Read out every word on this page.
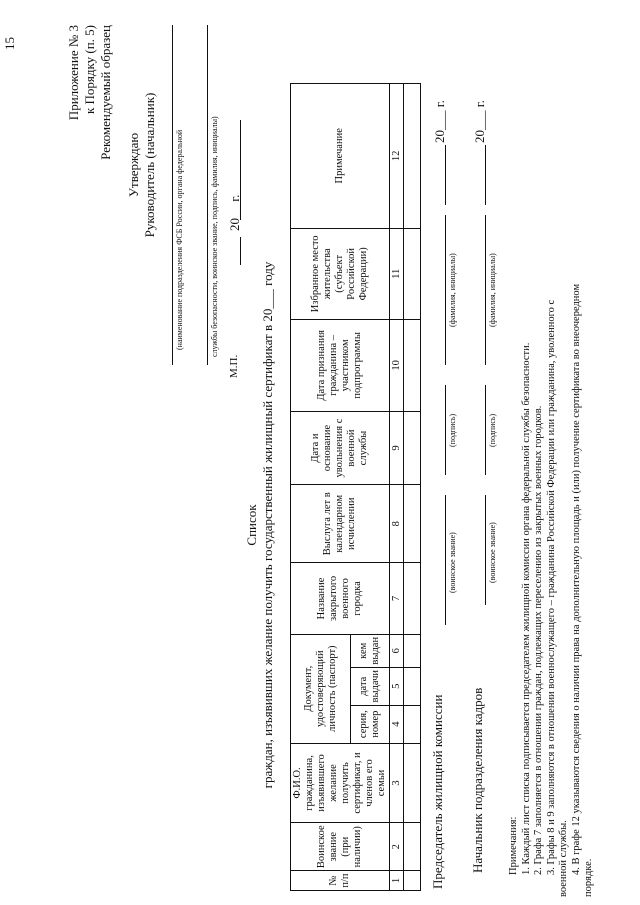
15	Приложение № 3 к Порядку (п. 5) Рекомендуемый образец
Утверждаю Руководитель (начальник) (наименование подразделения ФСБ России, органа федеральной	службы безопасности, воинское звание, подпись, фамилия, инициалы) 20__ г.
М.П.
Список граждан, изъявивших желание получить государственный жилищный сертификат в 20___ году
№ п/п	Воинское звание (при наличии)	Ф.И.О. гражданина, изъявившего желание получить сертификат, и членов его семьи	Документ, удостоверяющий личность (паспорт)			Название закрытого военного городка	Выслуга лет в календарном исчислении	Дата и основание увольнения с военной службы	Дата признания гражданина – участником подпрограммы	Избранное место жительства (субъект Российской Федерации)	Примечание
			серия, номер	дата выдачи	кем выдан						
1	2	3	4	5	6	7	8	9	10	11	12

Председатель жилищной комиссии
20___ г.
(воинское звание)
(подпись)
(фамилия, инициалы)
Начальник подразделения кадров
20___ г.
(воинское звание)
(подпись)
(фамилия, инициалы)
Примечания: 1. Каждый лист списка подписывается председателем жилищной комиссии органа федеральной службы безопасности. 2. Графа 7 заполняется в отношении граждан, подлежащих переселению из закрытых военных городков. 3. Графы 8 и 9 заполняются в отношении военнослужащего – гражданина Российской Федерации или гражданина, уволенного с военной службы. 4. В графе 12 указываются сведения о наличии права на дополнительную площадь и (или) получение сертификата во внеочередном
порядке.
